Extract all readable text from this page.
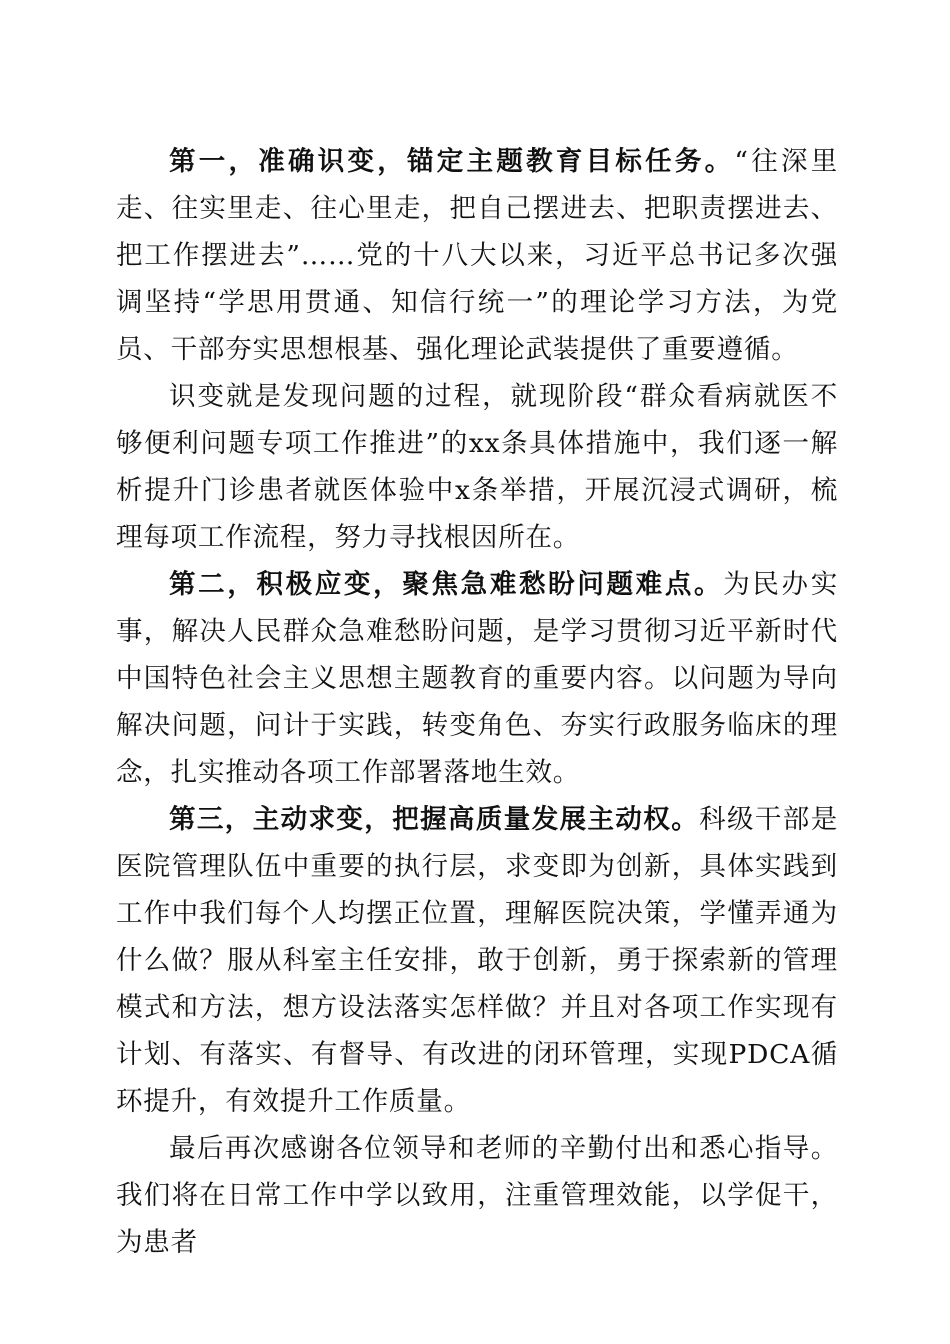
第一，准确识变，锚定主题教育目标任务。“往深里走、往实里走、往心里走，把自己摆进去、把职责摆进去、把工作摆进去”……党的十八大以来，习近平总书记多次强调坚持“学思用贯通、知信行统一”的理论学习方法，为党员、干部夯实思想根基、强化理论武装提供了重要遵循。

识变就是发现问题的过程，就现阶段“群众看病就医不够便利问题专项工作推进”的xx条具体措施中，我们逐一解析提升门诊患者就医体验中x条举措，开展沉浸式调研，梳理每项工作流程，努力寻找根因所在。

第二，积极应变，聚焦急难愁盼问题难点。为民办实事，解决人民群众急难愁盼问题，是学习贯彻习近平新时代中国特色社会主义思想主题教育的重要内容。以问题为导向解决问题，问计于实践，转变角色、夯实行政服务临床的理念，扎实推动各项工作部署落地生效。

第三，主动求变，把握高质量发展主动权。科级干部是医院管理队伍中重要的执行层，求变即为创新，具体实践到工作中我们每个人均摆正位置，理解医院决策，学懂弄通为什么做？服从科室主任安排，敢于创新，勇于探索新的管理模式和方法，想方设法落实怎样做？并且对各项工作实现有计划、有落实、有督导、有改进的闭环管理，实现PDCA循环提升，有效提升工作质量。

最后再次感谢各位领导和老师的辛勤付出和悉心指导。我们将在日常工作中学以致用，注重管理效能，以学促干，为患者
